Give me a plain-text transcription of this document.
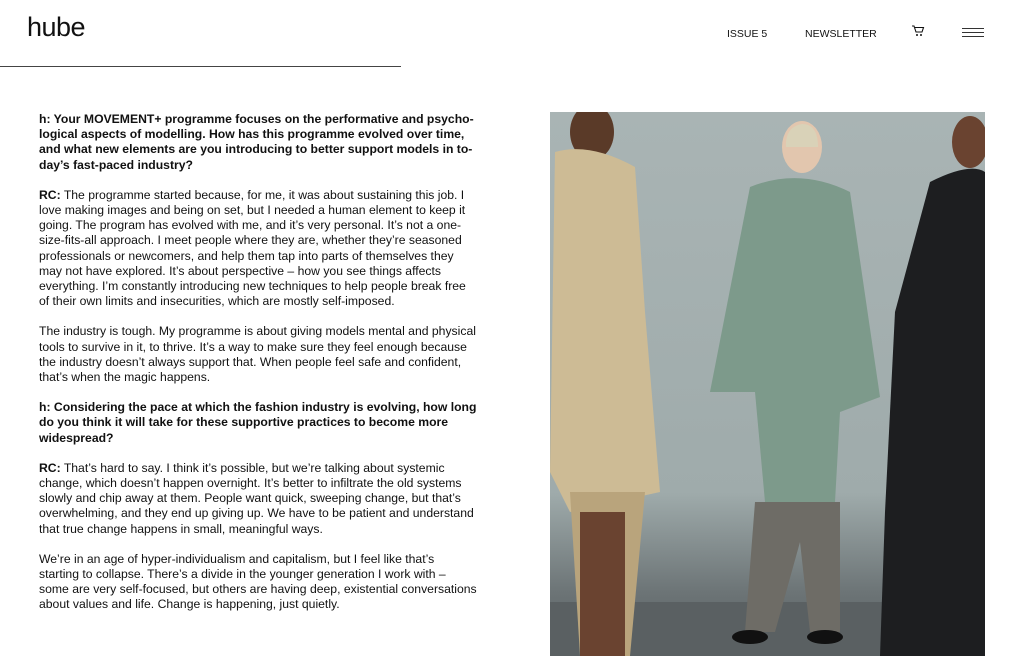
hube	ISSUE 5	NEWSLETTER

h: Your MOVEMENT+ programme focuses on the performative and psycho-logical aspects of modelling. How has this programme evolved over time, and what new elements are you introducing to better support models in to-day’s fast-paced industry?

RC: The programme started because, for me, it was about sustaining this job. I love making images and being on set, but I needed a human element to keep it going. The program has evolved with me, and it’s very personal. It’s not a one-size-fits-all approach. I meet people where they are, whether they’re seasoned professionals or newcomers, and help them tap into parts of themselves they may not have explored. It’s about perspective – how you see things affects everything. I’m constantly introducing new techniques to help people break free of their own limits and insecurities, which are mostly self-imposed.

The industry is tough. My programme is about giving models mental and physical tools to survive in it, to thrive. It’s a way to make sure they feel enough because the industry doesn’t always support that. When people feel safe and confident, that’s when the magic happens.

h: Considering the pace at which the fashion industry is evolving, how long do you think it will take for these supportive practices to become more widespread?

RC: That’s hard to say. I think it’s possible, but we’re talking about systemic change, which doesn’t happen overnight. It’s better to infiltrate the old systems slowly and chip away at them. People want quick, sweeping change, but that’s overwhelming, and they end up giving up. We have to be patient and understand that true change happens in small, meaningful ways.

We’re in an age of hyper-individualism and capitalism, but I feel like that’s starting to collapse. There’s a divide in the younger generation I work with – some are very self-focused, but others are having deep, existential conversations about values and life. Change is happening, just quietly.
